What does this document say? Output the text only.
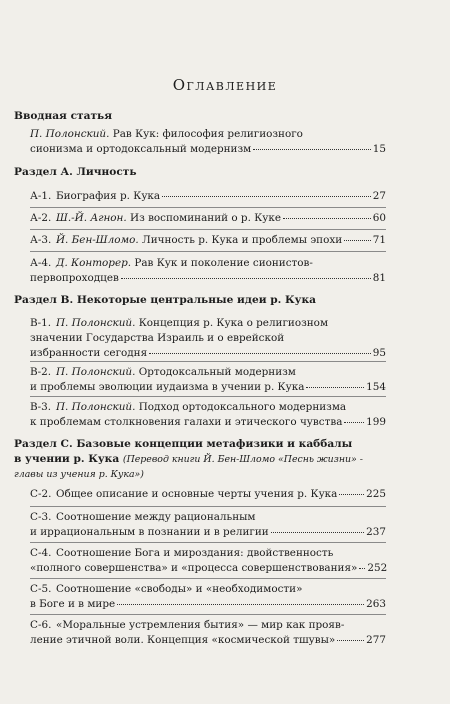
Оглавление
Вводная статья
П. Полонский. Рав Кук: философия религиозного
сионизма и ортодоксальный модернизм	15
Раздел А. Личность
А-1. Биография р. Кука	27
А-2. Ш.-Й. Агнон. Из воспоминаний о р. Куке	60
А-3. Й. Бен-Шломо. Личность р. Кука и проблемы эпохи	71
А-4. Д. Конторер. Рав Кук и поколение сионистов-
первопроходцев	81
Раздел В. Некоторые центральные идеи р. Кука
В-1. П. Полонский. Концепция р. Кука о религиозном
значении Государства Израиль и о еврейской
избранности сегодня	95
В-2. П. Полонский. Ортодоксальный модернизм
и проблемы эволюции иудаизма в учении р. Кука	154
В-3. П. Полонский. Подход ортодоксального модернизма
к проблемам столкновения галахи и этического чувства 199
Раздел С. Базовые концепции метафизики и каббалы
в учении р. Кука (Перевод книги Й. Бен-Шломо «Песнь жизни» -
главы из учения р. Кука»)
С-2. Общее описание и основные черты учения р. Кука	225
С-3. Соотношение между рациональным
и иррациональным в познании и в религии	237
С-4. Соотношение Бога и мироздания: двойственность
«полного совершенства» и «процесса совершенствования» 252
С-5. Соотношение «свободы» и «необходимости»
в Боге и в мире	263
С-6. «Моральные устремления бытия» — мир как прояв-
ление этичной воли. Концепция «космической тшувы»	277
